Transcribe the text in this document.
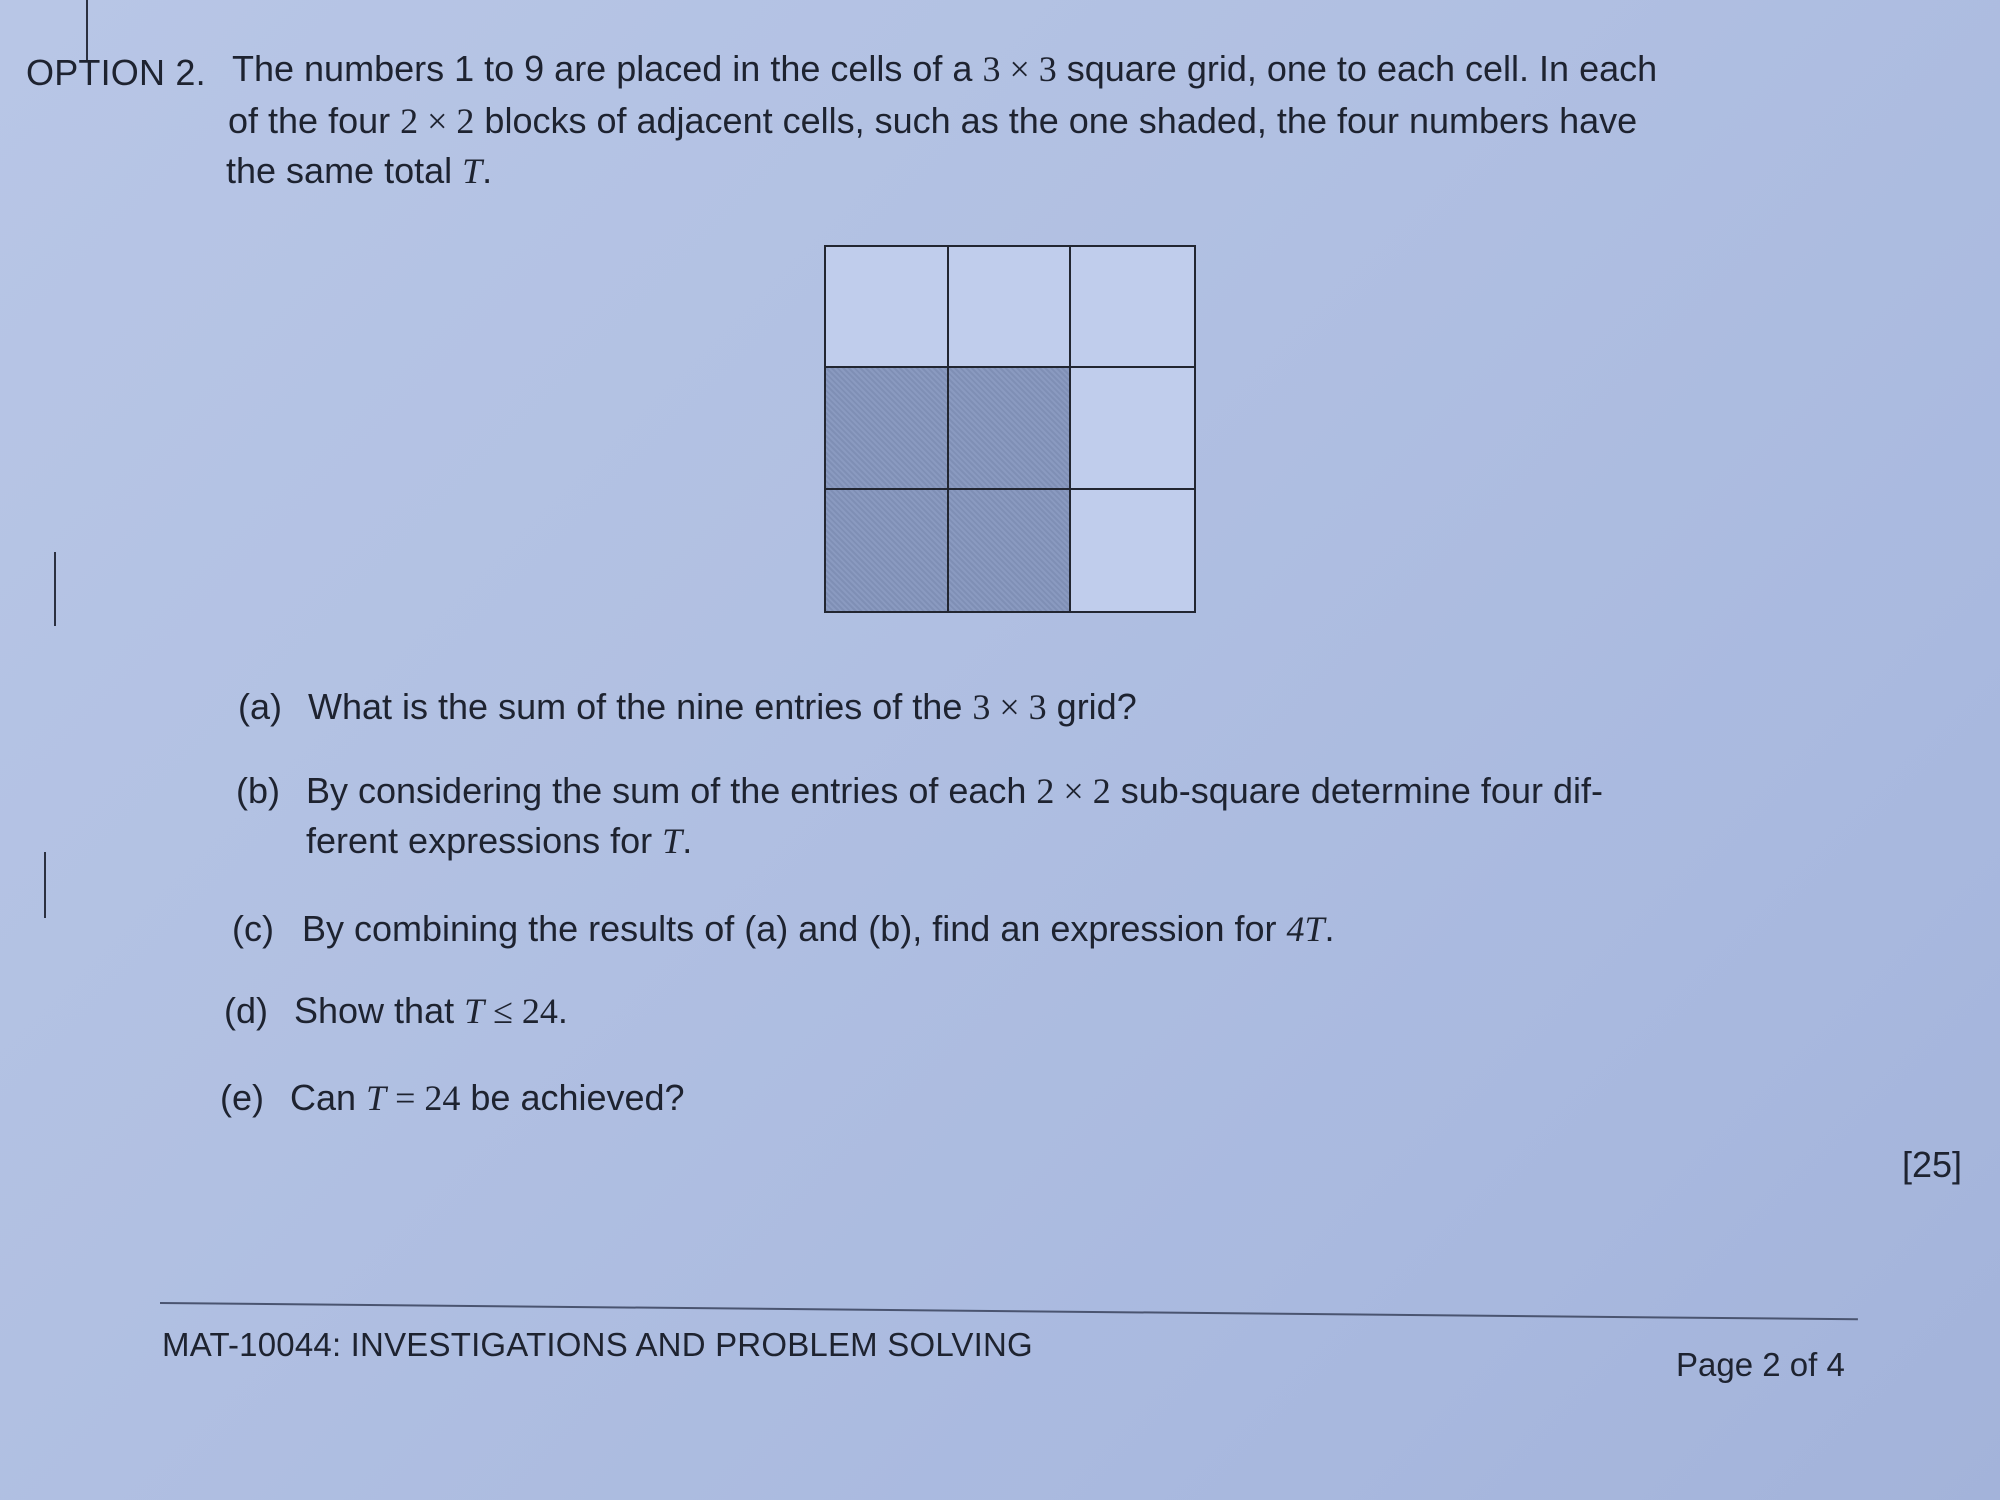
OPTION 2. The numbers 1 to 9 are placed in the cells of a 3 × 3 square grid, one to each cell. In each
of the four 2 × 2 blocks of adjacent cells, such as the one shaded, the four numbers have
the same total T.
(a) What is the sum of the nine entries of the 3 × 3 grid?
(b) By considering the sum of the entries of each 2 × 2 sub-square determine four dif-
ferent expressions for T.
(c) By combining the results of (a) and (b), find an expression for 4T.
(d) Show that T ≤ 24.
(e) Can T = 24 be achieved?
[25]
MAT-10044: INVESTIGATIONS AND PROBLEM SOLVING
Page 2 of 4
